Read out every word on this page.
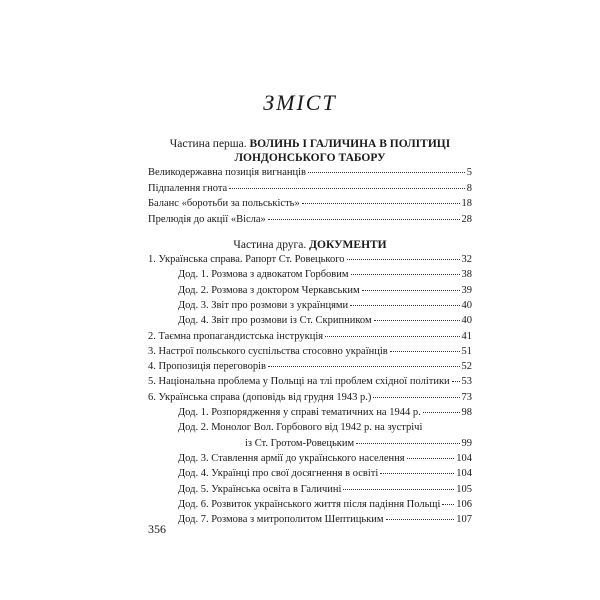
ЗМІСТ
Частина перша. ВОЛИНЬ І ГАЛИЧИНА В ПОЛІТИЦІ
ЛОНДОНСЬКОГО ТАБОРУ
Великодержавна позиція вигнанців	5
Підпалення гнота	8
Баланс «боротьби за польськість»	18
Прелюдія до акції «Вісла»	28
Частина друга. ДОКУМЕНТИ
1. Українська справа. Рапорт Ст. Ровецького	32
Дод. 1. Розмова з адвокатом Горбовим	38
Дод. 2. Розмова з доктором Черкавським	39
Дод. 3. Звіт про розмови з українцями	40
Дод. 4. Звіт про розмови із Ст. Скрипником	40
2. Таємна пропагандистська інструкція	41
3. Настрої польського суспільства стосовно українців	51
4. Пропозиція переговорів	52
5. Національна проблема у Польщі на тлі проблем східної політики 53
6. Українська справа (доповідь від грудня 1943 р.)	73
Дод. 1. Розпорядження у справі тематичних на 1944 р.	98
Дод. 2. Монолог Вол. Горбового від 1942 р. на зустрічі
із Ст. Гротом-Ровецьким	99
Дод. 3. Ставлення армії до українського населення	104
Дод. 4. Українці про свої досягнення в освіті	104
Дод. 5. Українська освіта в Галичині	105
Дод. 6. Розвиток українського життя після падіння Польщі 106
Дод. 7. Розмова з митрополитом Шептицьким	107
356
